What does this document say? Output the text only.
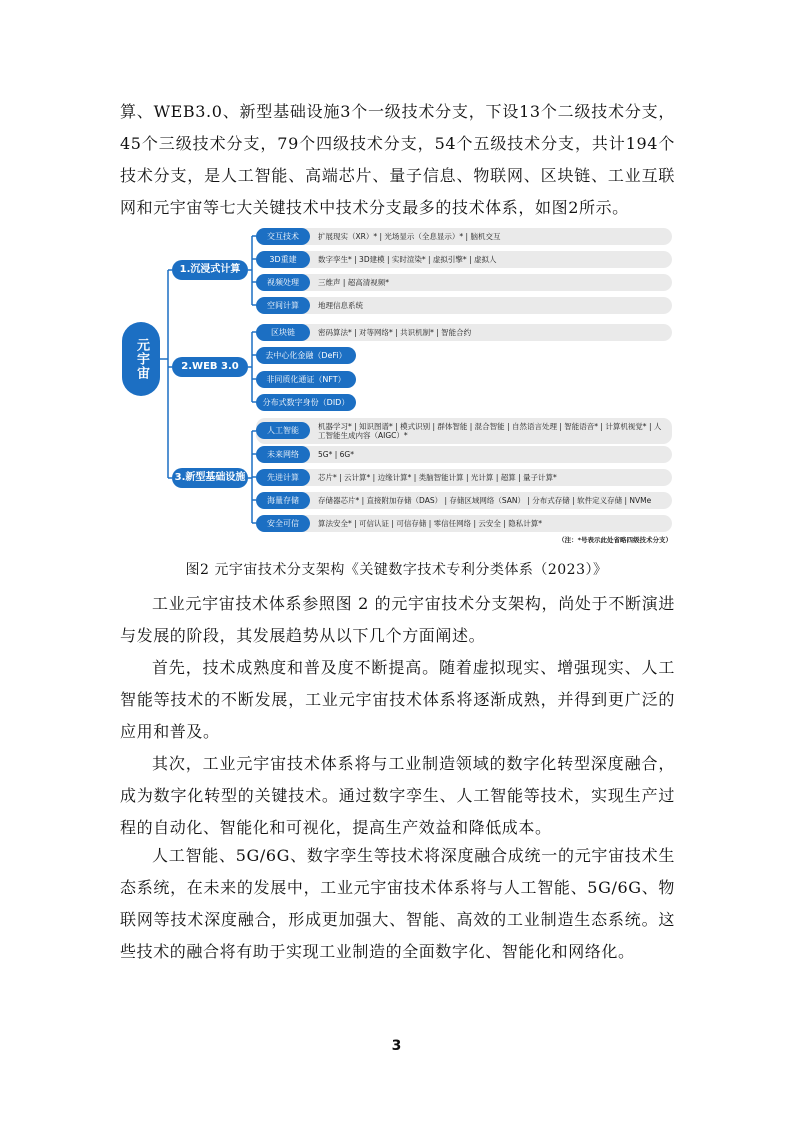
算、WEB3.0、新型基础设施3个一级技术分支，下设13个二级技术分支，45个三级技术分支，79个四级技术分支，54个五级技术分支，共计194个技术分支，是人工智能、高端芯片、量子信息、物联网、区块链、工业互联网和元宇宙等七大关键技术中技术分支最多的技术体系，如图2所示。
元宇宙
1.沉浸式计算
2.WEB 3.0
3.新型基础设施
交互技术	扩展现实（XR）* | 光场显示（全息显示）* | 脑机交互
3D重建	数字孪生* | 3D建模 | 实时渲染* | 虚拟引擎* | 虚拟人
视频处理	三维声 | 超高清视频*
空间计算	地理信息系统
区块链	密码算法* | 对等网络* | 共识机制* | 智能合约
去中心化金融（DeFi）
非同质化通证（NFT）
分布式数字身份（DID）
人工智能	机器学习* | 知识图谱* | 模式识别 | 群体智能 | 混合智能 | 自然语言处理 | 智能语音* | 计算机视觉* | 人工智能生成内容（AIGC）*
未来网络	5G* | 6G*
先进计算	芯片* | 云计算* | 边缘计算* | 类脑智能计算 | 光计算 | 超算 | 量子计算*
海量存储	存储器芯片* | 直接附加存储（DAS） | 存储区域网络（SAN） | 分布式存储 | 软件定义存储 | NVMe
安全可信	算法安全* | 可信认证 | 可信存储 | 零信任网络 | 云安全 | 隐私计算*
（注：*号表示此处省略四级技术分支）
图2 元宇宙技术分支架构《关键数字技术专利分类体系（2023）》
工业元宇宙技术体系参照图 2 的元宇宙技术分支架构，尚处于不断演进与发展的阶段，其发展趋势从以下几个方面阐述。
首先，技术成熟度和普及度不断提高。随着虚拟现实、增强现实、人工智能等技术的不断发展，工业元宇宙技术体系将逐渐成熟，并得到更广泛的应用和普及。
其次，工业元宇宙技术体系将与工业制造领域的数字化转型深度融合，成为数字化转型的关键技术。通过数字孪生、人工智能等技术，实现生产过程的自动化、智能化和可视化，提高生产效益和降低成本。
人工智能、5G/6G、数字孪生等技术将深度融合成统一的元宇宙技术生态系统，在未来的发展中，工业元宇宙技术体系将与人工智能、5G/6G、物联网等技术深度融合，形成更加强大、智能、高效的工业制造生态系统。这些技术的融合将有助于实现工业制造的全面数字化、智能化和网络化。
3
